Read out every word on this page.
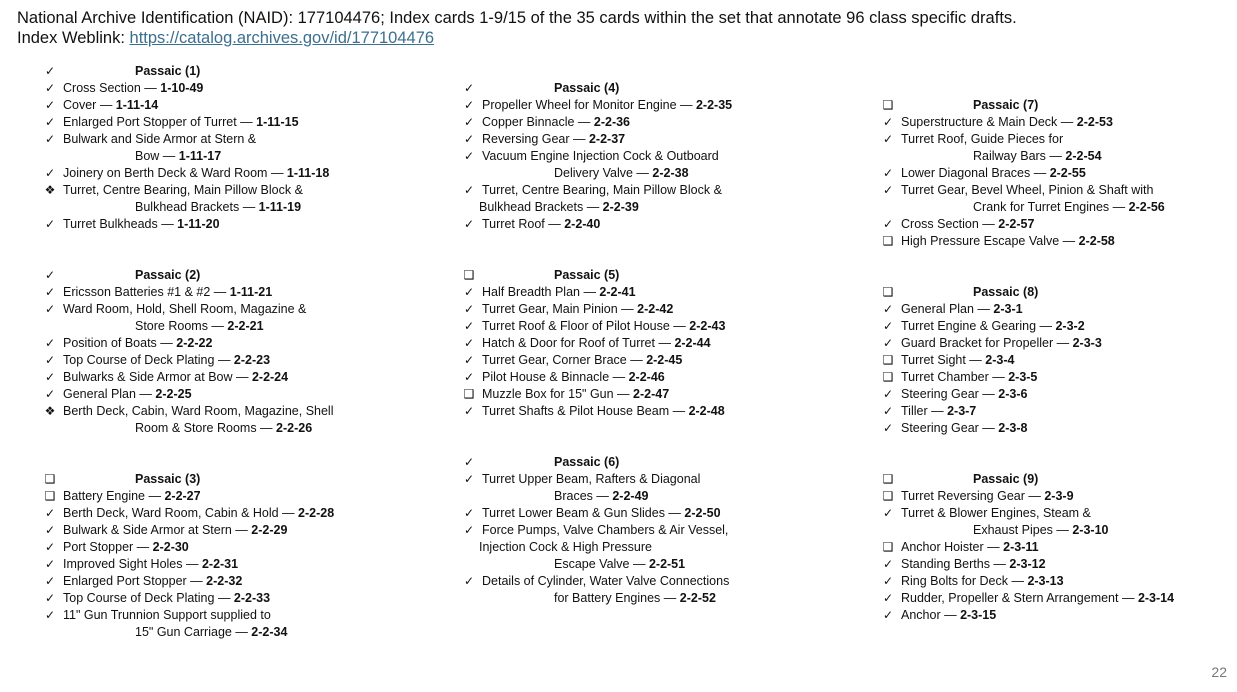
National Archive Identification (NAID): 177104476; Index cards 1-9/15 of the 35 cards within the set that annotate 96 class specific drafts.
Index Weblink: https://catalog.archives.gov/id/177104476
✓	Passaic (1)
✓ Cross Section — 1-10-49
✓ Cover — 1-11-14
✓ Enlarged Port Stopper of Turret — 1-11-15
✓ Bulwark and Side Armor at Stern &
Bow — 1-11-17
✓ Joinery on Berth Deck & Ward Room — 1-11-18
❖ Turret, Centre Bearing, Main Pillow Block &
Bulkhead Brackets — 1-11-19
✓ Turret Bulkheads — 1-11-20
✓	Passaic (2)
✓ Ericsson Batteries #1 & #2 — 1-11-21
✓ Ward Room, Hold, Shell Room, Magazine &
Store Rooms — 2-2-21
✓ Position of Boats — 2-2-22
✓ Top Course of Deck Plating — 2-2-23
✓ Bulwarks & Side Armor at Bow — 2-2-24
✓ General Plan — 2-2-25
❖ Berth Deck, Cabin, Ward Room, Magazine, Shell
Room & Store Rooms — 2-2-26
❑	Passaic (3)
❑ Battery Engine — 2-2-27
✓ Berth Deck, Ward Room, Cabin & Hold — 2-2-28
✓ Bulwark & Side Armor at Stern — 2-2-29
✓ Port Stopper — 2-2-30
✓ Improved Sight Holes — 2-2-31
✓ Enlarged Port Stopper — 2-2-32
✓ Top Course of Deck Plating — 2-2-33
✓ 11" Gun Trunnion Support supplied to
15" Gun Carriage — 2-2-34
✓	Passaic (4)
✓ Propeller Wheel for Monitor Engine — 2-2-35
✓ Copper Binnacle — 2-2-36
✓ Reversing Gear — 2-2-37
✓ Vacuum Engine Injection Cock & Outboard
Delivery Valve — 2-2-38
✓ Turret, Centre Bearing, Main Pillow Block &
Bulkhead Brackets — 2-2-39
✓ Turret Roof — 2-2-40
❑	Passaic (5)
✓ Half Breadth Plan — 2-2-41
✓ Turret Gear, Main Pinion — 2-2-42
✓ Turret Roof & Floor of Pilot House — 2-2-43
✓ Hatch & Door for Roof of Turret — 2-2-44
✓ Turret Gear, Corner Brace — 2-2-45
✓ Pilot House & Binnacle — 2-2-46
❑ Muzzle Box for 15" Gun — 2-2-47
✓ Turret Shafts & Pilot House Beam — 2-2-48
✓	Passaic (6)
✓ Turret Upper Beam, Rafters & Diagonal
Braces — 2-2-49
✓ Turret Lower Beam & Gun Slides — 2-2-50
✓ Force Pumps, Valve Chambers & Air Vessel,
Injection Cock & High Pressure
Escape Valve — 2-2-51
✓ Details of Cylinder, Water Valve Connections
for Battery Engines — 2-2-52
❑	Passaic (7)
✓ Superstructure & Main Deck — 2-2-53
✓ Turret Roof, Guide Pieces for
Railway Bars — 2-2-54
✓ Lower Diagonal Braces — 2-2-55
✓ Turret Gear, Bevel Wheel, Pinion & Shaft with
Crank for Turret Engines — 2-2-56
✓ Cross Section — 2-2-57
❑ High Pressure Escape Valve — 2-2-58
❑	Passaic (8)
✓ General Plan — 2-3-1
✓ Turret Engine & Gearing — 2-3-2
✓ Guard Bracket for Propeller — 2-3-3
❑ Turret Sight — 2-3-4
❑ Turret Chamber — 2-3-5
✓ Steering Gear — 2-3-6
✓ Tiller — 2-3-7
✓ Steering Gear — 2-3-8
❑	Passaic (9)
❑ Turret Reversing Gear — 2-3-9
✓ Turret & Blower Engines, Steam &
Exhaust Pipes — 2-3-10
❑ Anchor Hoister — 2-3-11
✓ Standing Berths — 2-3-12
✓ Ring Bolts for Deck — 2-3-13
✓ Rudder, Propeller & Stern Arrangement — 2-3-14
✓ Anchor — 2-3-15
22
